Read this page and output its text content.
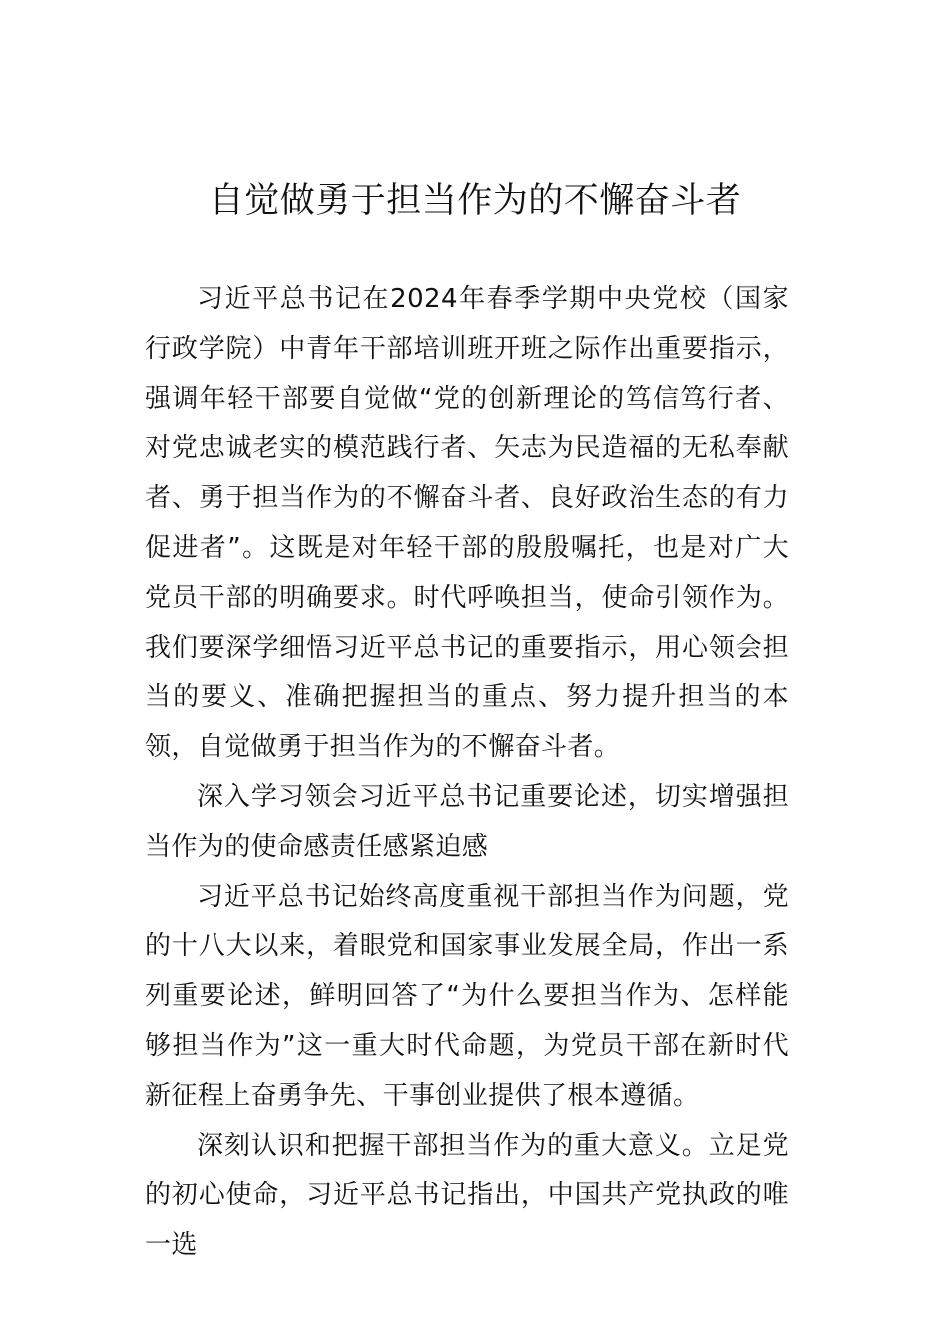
自觉做勇于担当作为的不懈奋斗者

习近平总书记在2024年春季学期中央党校（国家行政学院）中青年干部培训班开班之际作出重要指示，强调年轻干部要自觉做“党的创新理论的笃信笃行者、对党忠诚老实的模范践行者、矢志为民造福的无私奉献者、勇于担当作为的不懈奋斗者、良好政治生态的有力促进者”。这既是对年轻干部的殷殷嘱托，也是对广大党员干部的明确要求。时代呼唤担当，使命引领作为。我们要深学细悟习近平总书记的重要指示，用心领会担当的要义、准确把握担当的重点、努力提升担当的本领，自觉做勇于担当作为的不懈奋斗者。

深入学习领会习近平总书记重要论述，切实增强担当作为的使命感责任感紧迫感

习近平总书记始终高度重视干部担当作为问题，党的十八大以来，着眼党和国家事业发展全局，作出一系列重要论述，鲜明回答了“为什么要担当作为、怎样能够担当作为”这一重大时代命题，为党员干部在新时代新征程上奋勇争先、干事创业提供了根本遵循。

深刻认识和把握干部担当作为的重大意义。立足党的初心使命，习近平总书记指出，中国共产党执政的唯一选
